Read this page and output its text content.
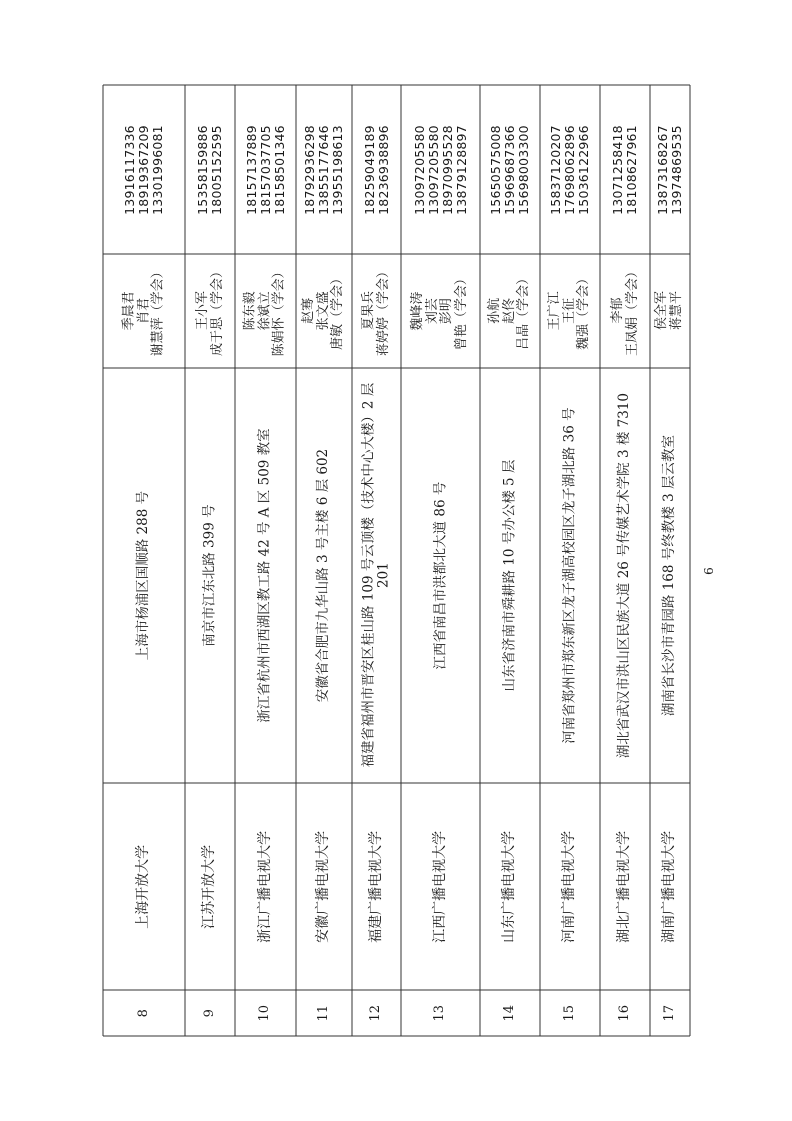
13916117336 18919367209 13301996081
季晨君 肖君 谢慧萍（学会）
上海市杨浦区国顺路 288 号
上海开放大学
8
15358159886 18005152595
王小军 成于思（学会）
南京市江东北路 399 号
江苏开放大学
9
18157137889 18157037705 18158501346
陈东毅 徐斌立 陈娟怀（学会）
浙江省杭州市西湖区教工路 42 号 A 区 509 教室
浙江广播电视大学
10
18792936298 13855177646 13955198613
赵骞 张文盛 唐敏（学会）
安徽省合肥市九华山路 3 号主楼 6 层 602
安徽广播电视大学
11
18259049189 18236938896
夏果兵 蒋婷婷（学会）
福建省福州市晋安区桂山路 109 号云顶楼（技术中心大楼）2 层 201
福建广播电视大学
12
13097205580 13097205580 18970995528 13879128897
魏峰涛 刘芸 彭明 曾艳（学会）
江西省南昌市洪都北大道 86 号
江西广播电视大学
13
15650575008 15969687366 15698003300
孙航 赵佟 吕晶（学会）
山东省济南市舜耕路 10 号办公楼 5 层
山东广播电视大学
14
15837120207 17698062896 15036122966
王广江 王征 魏强（学会）
河南省郑州市郑东新区龙子湖高校园区龙子湖北路 36 号
河南广播电视大学
15
13071258418 18108627961
李郁 王凤娟（学会）
湖北省武汉市洪山区民族大道 26 号传媒艺术学院 3 楼 7310
湖北广播电视大学
16
13873168267 13974869535
侯全军 蒋慧平
湖南省长沙市青园路 168 号终教楼 3 层云教室
湖南广播电视大学
17
6
